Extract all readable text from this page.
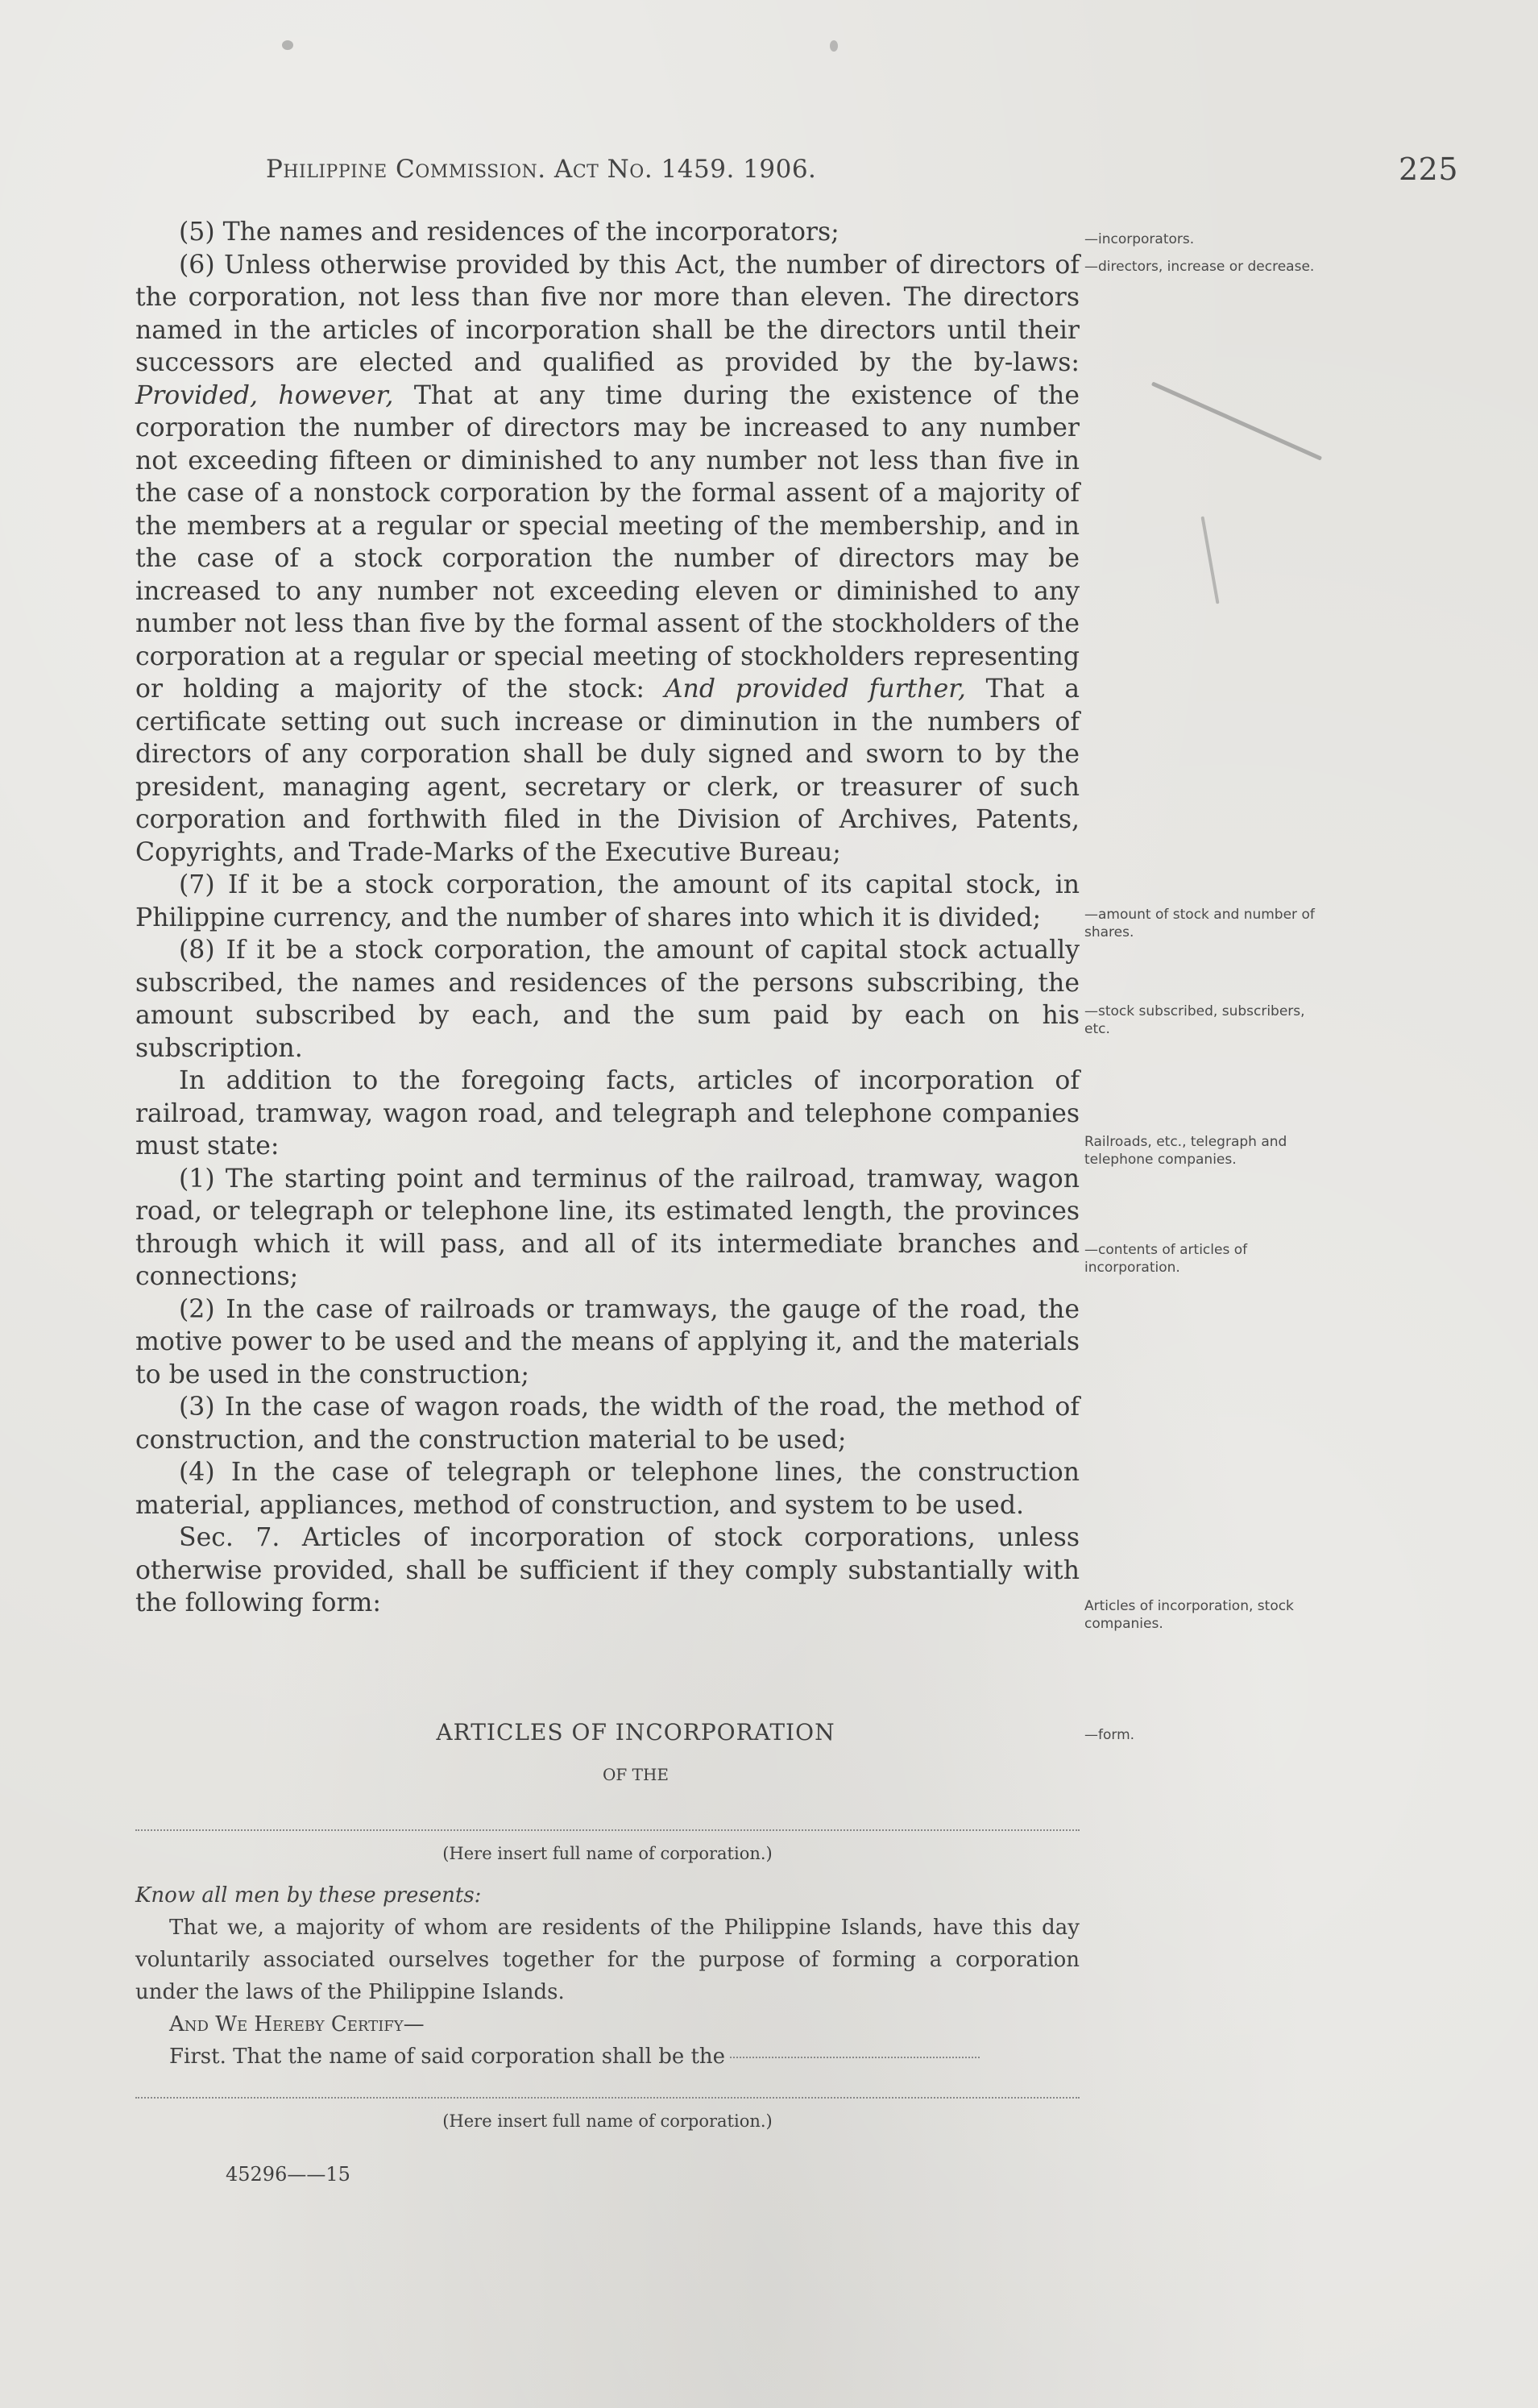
Philippine Commission. Act No. 1459. 1906.	225

(5) The names and residences of the incorporators;

(6) Unless otherwise provided by this Act, the number of directors of the corporation, not less than five nor more than eleven. The directors named in the articles of incorporation shall be the directors until their successors are elected and qualified as provided by the by-laws: Provided, however, That at any time during the existence of the corporation the number of directors may be increased to any number not exceeding fifteen or diminished to any number not less than five in the case of a nonstock corporation by the formal assent of a majority of the members at a regular or special meeting of the membership, and in the case of a stock corporation the number of directors may be increased to any number not exceeding eleven or diminished to any number not less than five by the formal assent of the stockholders of the corporation at a regular or special meeting of stockholders representing or holding a majority of the stock: And provided further, That a certificate setting out such increase or diminution in the numbers of directors of any corporation shall be duly signed and sworn to by the president, managing agent, secretary or clerk, or treasurer of such corporation and forthwith filed in the Division of Archives, Patents, Copyrights, and Trade-Marks of the Executive Bureau;

(7) If it be a stock corporation, the amount of its capital stock, in Philippine currency, and the number of shares into which it is divided;

(8) If it be a stock corporation, the amount of capital stock actually subscribed, the names and residences of the persons subscribing, the amount subscribed by each, and the sum paid by each on his subscription.

In addition to the foregoing facts, articles of incorporation of railroad, tramway, wagon road, and telegraph and telephone companies must state:

(1) The starting point and terminus of the railroad, tramway, wagon road, or telegraph or telephone line, its estimated length, the provinces through which it will pass, and all of its intermediate branches and connections;

(2) In the case of railroads or tramways, the gauge of the road, the motive power to be used and the means of applying it, and the materials to be used in the construction;

(3) In the case of wagon roads, the width of the road, the method of construction, and the construction material to be used;

(4) In the case of telegraph or telephone lines, the construction material, appliances, method of construction, and system to be used.

Sec. 7. Articles of incorporation of stock corporations, unless otherwise provided, shall be sufficient if they comply substantially with the following form:

—incorporators.
—directors, increase or decrease.
—amount of stock and number of shares.
—stock subscribed, subscribers, etc.
Railroads, etc., telegraph and telephone companies.
—contents of articles of incorporation.
Articles of incorporation, stock companies.
—form.
ARTICLES OF INCORPORATION
OF THE
(Here insert full name of corporation.)

Know all men by these presents:

That we, a majority of whom are residents of the Philippine Islands, have this day voluntarily associated ourselves together for the purpose of forming a corporation under the laws of the Philippine Islands.

And We Hereby Certify—

First. That the name of said corporation shall be the

(Here insert full name of corporation.)
45296——15
